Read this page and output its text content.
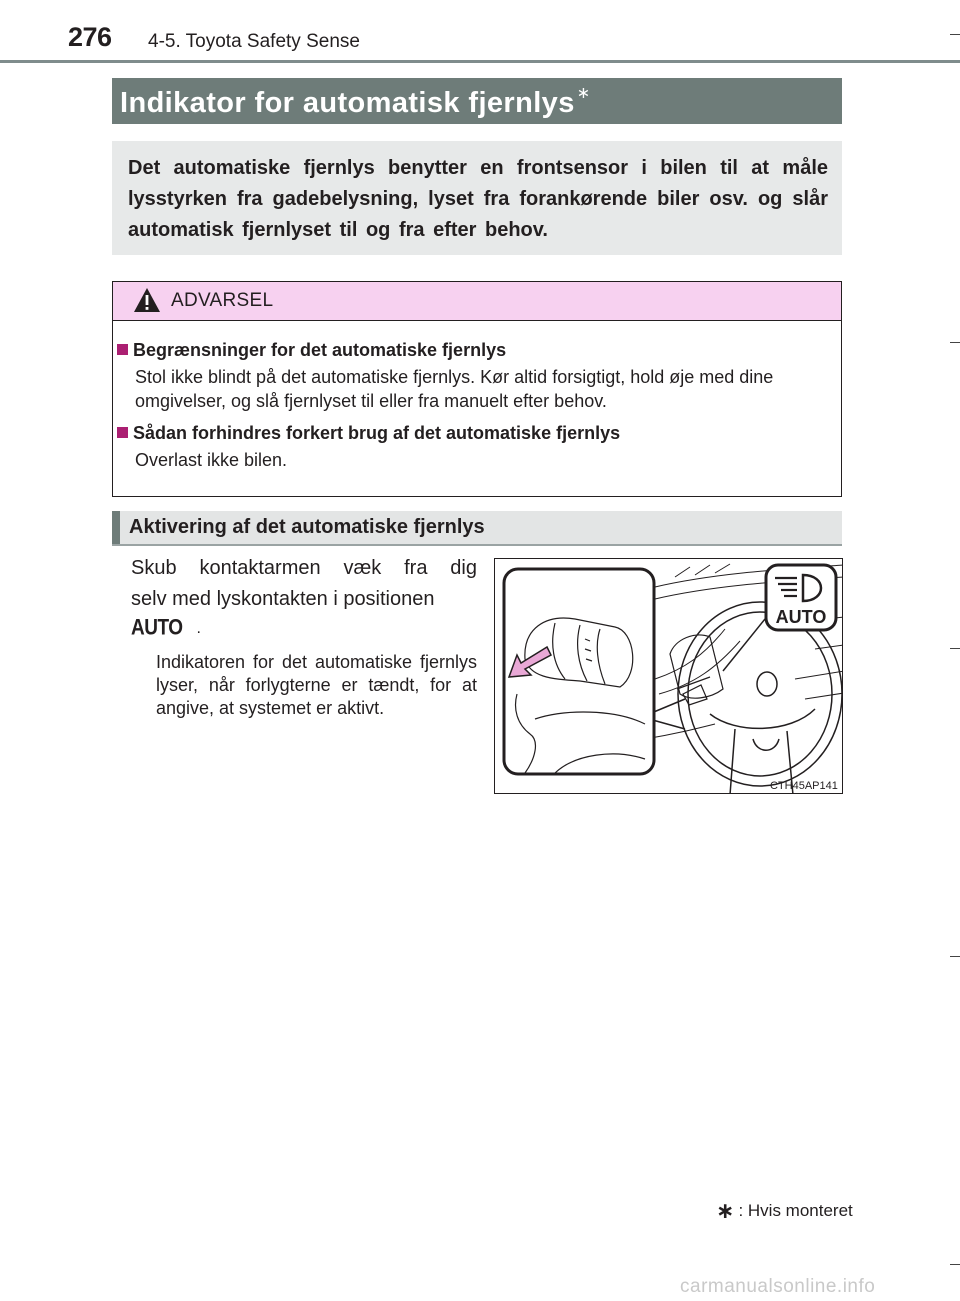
276 4-5. Toyota Safety Sense
Indikator for automatisk fjernlys ∗

Det automatiske fjernlys benytter en frontsensor i bilen til at måle lysstyrken fra gadebelysning, lyset fra forankørende biler osv. og slår automatisk fjernlyset til og fra efter behov.

ADVARSEL
Begrænsninger for det automatiske fjernlys
Stol ikke blindt på det automatiske fjernlys. Kør altid forsigtigt, hold øje med dine omgivelser, og slå fjernlyset til eller fra manuelt efter behov.
Sådan forhindres forkert brug af det automatiske fjernlys
Overlast ikke bilen.
Aktivering af det automatiske fjernlys
Skub kontaktarmen væk fra dig
selv med lyskontakten i positionen
AUTO .
Indikatoren for det automatiske fjernlys lyser, når forlygterne er tændt, for at angive, at systemet er aktivt.
AUTO
CTH45AP141
∗ : Hvis monteret
carmanualsonline.info
